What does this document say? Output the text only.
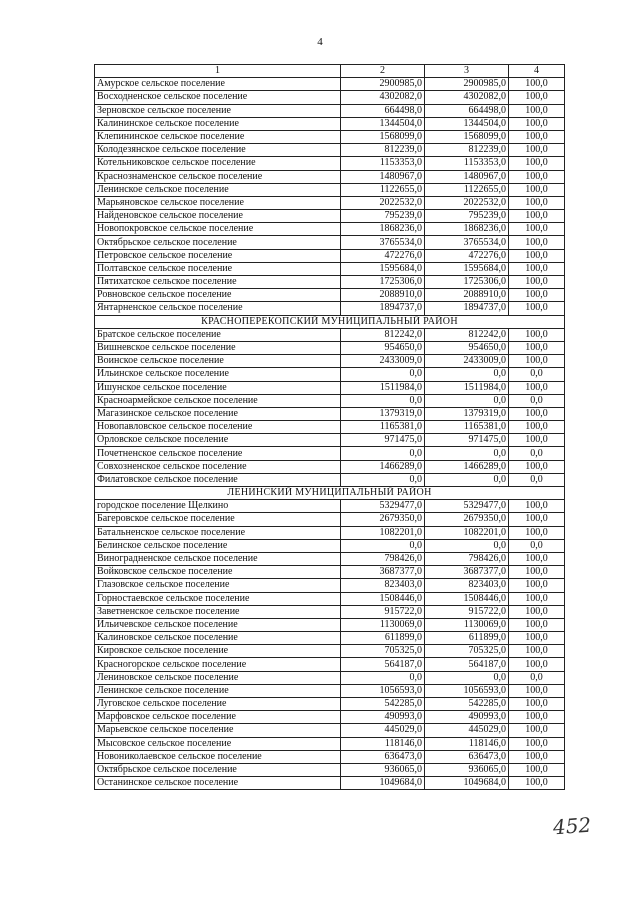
4
1	2	3	4
Амурское сельское поселение	2900985,0	2900985,0	100,0
Восходненское сельское поселение	4302082,0	4302082,0	100,0
Зерновское сельское поселение	664498,0	664498,0	100,0
Калининское сельское поселение	1344504,0	1344504,0	100,0
Клепининское сельское поселение	1568099,0	1568099,0	100,0
Колодезянское сельское поселение	812239,0	812239,0	100,0
Котельниковское сельское поселение	1153353,0	1153353,0	100,0
Краснознаменское сельское поселение	1480967,0	1480967,0	100,0
Ленинское сельское поселение	1122655,0	1122655,0	100,0
Марьяновское сельское поселение	2022532,0	2022532,0	100,0
Найденовское сельское поселение	795239,0	795239,0	100,0
Новопокровское сельское поселение	1868236,0	1868236,0	100,0
Октябрьское сельское поселение	3765534,0	3765534,0	100,0
Петровское сельское поселение	472276,0	472276,0	100,0
Полтавское сельское поселение	1595684,0	1595684,0	100,0
Пятихатское сельское поселение	1725306,0	1725306,0	100,0
Ровновское сельское поселение	2088910,0	2088910,0	100,0
Янтарненское сельское поселение	1894737,0	1894737,0	100,0
КРАСНОПЕРЕКОПСКИЙ МУНИЦИПАЛЬНЫЙ РАЙОН			
Братское сельское поселение	812242,0	812242,0	100,0
Вишневское сельское поселение	954650,0	954650,0	100,0
Воинское сельское поселение	2433009,0	2433009,0	100,0
Ильинское сельское поселение	0,0	0,0	0,0
Ишунское сельское поселение	1511984,0	1511984,0	100,0
Красноармейское сельское поселение	0,0	0,0	0,0
Магазинское сельское поселение	1379319,0	1379319,0	100,0
Новопавловское сельское поселение	1165381,0	1165381,0	100,0
Орловское сельское поселение	971475,0	971475,0	100,0
Почетненское сельское поселение	0,0	0,0	0,0
Совхозненское сельское поселение	1466289,0	1466289,0	100,0
Филатовское сельское поселение	0,0	0,0	0,0
ЛЕНИНСКИЙ МУНИЦИПАЛЬНЫЙ РАЙОН			
городское поселение Щелкино	5329477,0	5329477,0	100,0
Багеровское сельское поселение	2679350,0	2679350,0	100,0
Батальненское сельское поселение	1082201,0	1082201,0	100,0
Белинское сельское поселение	0,0	0,0	0,0
Виноградненское сельское поселение	798426,0	798426,0	100,0
Войковское сельское поселение	3687377,0	3687377,0	100,0
Глазовское сельское поселение	823403,0	823403,0	100,0
Горностаевское сельское поселение	1508446,0	1508446,0	100,0
Заветненское сельское поселение	915722,0	915722,0	100,0
Ильичевское сельское поселение	1130069,0	1130069,0	100,0
Калиновское сельское поселение	611899,0	611899,0	100,0
Кировское сельское поселение	705325,0	705325,0	100,0
Красногорское сельское поселение	564187,0	564187,0	100,0
Лениновское сельское поселение	0,0	0,0	0,0
Ленинское сельское поселение	1056593,0	1056593,0	100,0
Луговское сельское поселение	542285,0	542285,0	100,0
Марфовское сельское поселение	490993,0	490993,0	100,0
Марьевское сельское поселение	445029,0	445029,0	100,0
Мысовское сельское поселение	118146,0	118146,0	100,0
Новониколаевское сельское поселение	636473,0	636473,0	100,0
Октябрьское сельское поселение	936065,0	936065,0	100,0
Останинское сельское поселение	1049684,0	1049684,0	100,0
452
